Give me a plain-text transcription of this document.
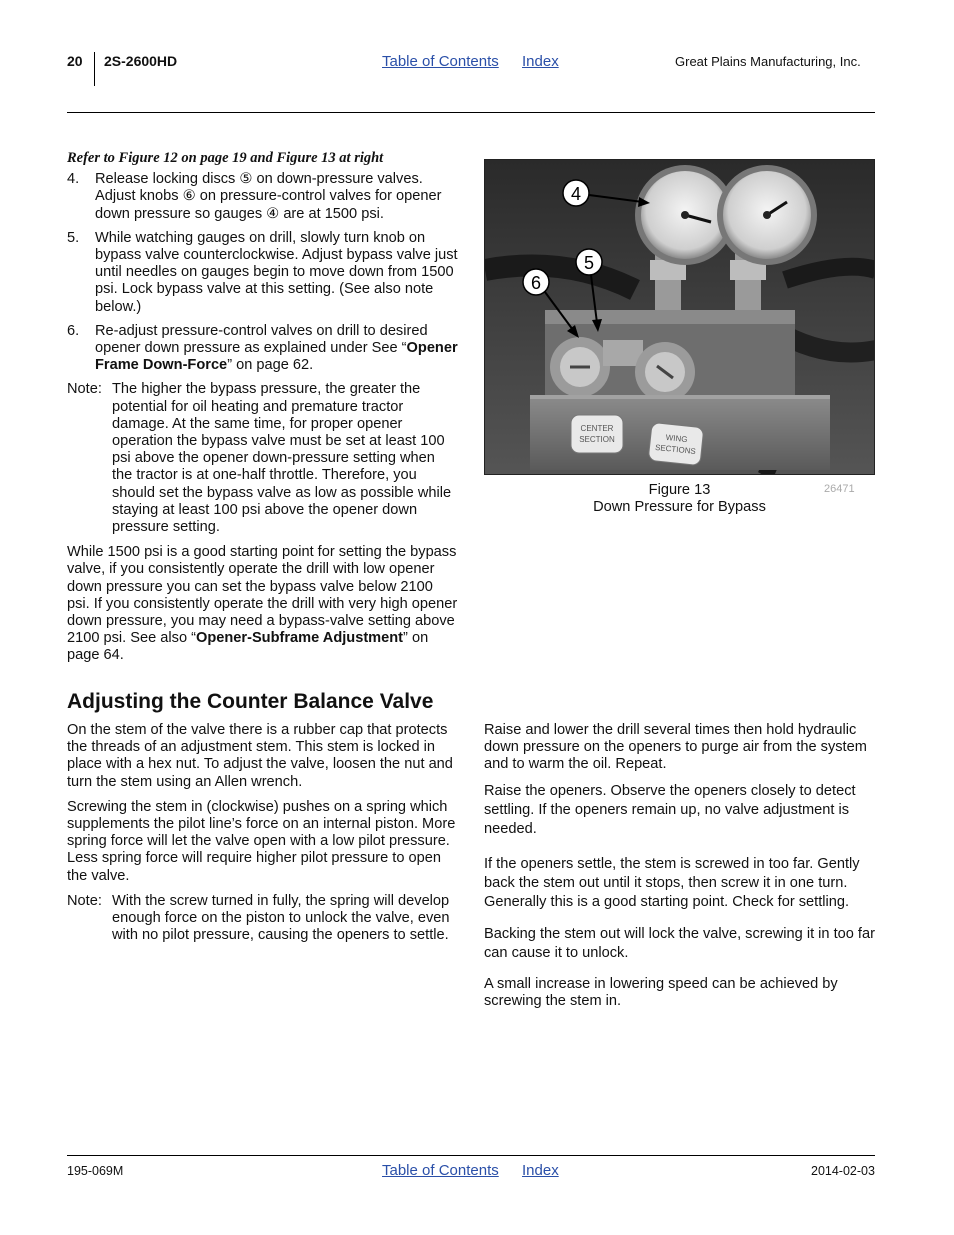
20 2S-2600HD	Table of Contents Index	Great Plains Manufacturing, Inc.

Refer to Figure 12 on page 19 and Figure 13 at right

4.	Release locking discs ⑤ on down-pressure valves. Adjust knobs ⑥ on pressure-control valves for opener down pressure so gauges ④ are at 1500 psi.
5.	While watching gauges on drill, slowly turn knob on bypass valve counterclockwise. Adjust bypass valve just until needles on gauges begin to move down from 1500 psi. Lock bypass valve at this setting. (See also note below.)
6.	Re-adjust pressure-control valves on drill to desired opener down pressure as explained under See “Opener Frame Down-Force” on page 62.
Note: The higher the bypass pressure, the greater the potential for oil heating and premature tractor damage. At the same time, for proper opener operation the bypass valve must be set at least 100 psi above the opener down-pressure setting when the tractor is at one-half throttle. Therefore, you should set the bypass valve as low as possible while staying at least 100 psi above the opener down pressure setting.

While 1500 psi is a good starting point for setting the bypass valve, if you consistently operate the drill with low opener down pressure you can set the bypass valve below 2100 psi. If you consistently operate the drill with very high opener down pressure, you may need a bypass-valve setting above 2100 psi. See also “Opener-Subframe Adjustment” on page 64.

CENTER
SECTION	WING
SECTIONS
4
5
6
Figure 13
Down Pressure for Bypass
26471
Adjusting the Counter Balance Valve

On the stem of the valve there is a rubber cap that protects the threads of an adjustment stem. This stem is locked in place with a hex nut. To adjust the valve, loosen the nut and turn the stem using an Allen wrench.

Screwing the stem in (clockwise) pushes on a spring which supplements the pilot line’s force on an internal piston. More spring force will let the valve open with a low pilot pressure. Less spring force will require higher pilot pressure to open the valve.

Note: With the screw turned in fully, the spring will develop enough force on the piston to unlock the valve, even with no pilot pressure, causing the openers to settle.

Raise and lower the drill several times then hold hydraulic down pressure on the openers to purge air from the system and to warm the oil. Repeat.

Raise the openers. Observe the openers closely to detect settling. If the openers remain up, no valve adjustment is needed.

If the openers settle, the stem is screwed in too far. Gently back the stem out until it stops, then screw it in one turn. Generally this is a good starting point. Check for settling.

Backing the stem out will lock the valve, screwing it in too far can cause it to unlock.

A small increase in lowering speed can be achieved by screwing the stem in.

195-069M	Table of Contents Index	2014-02-03
